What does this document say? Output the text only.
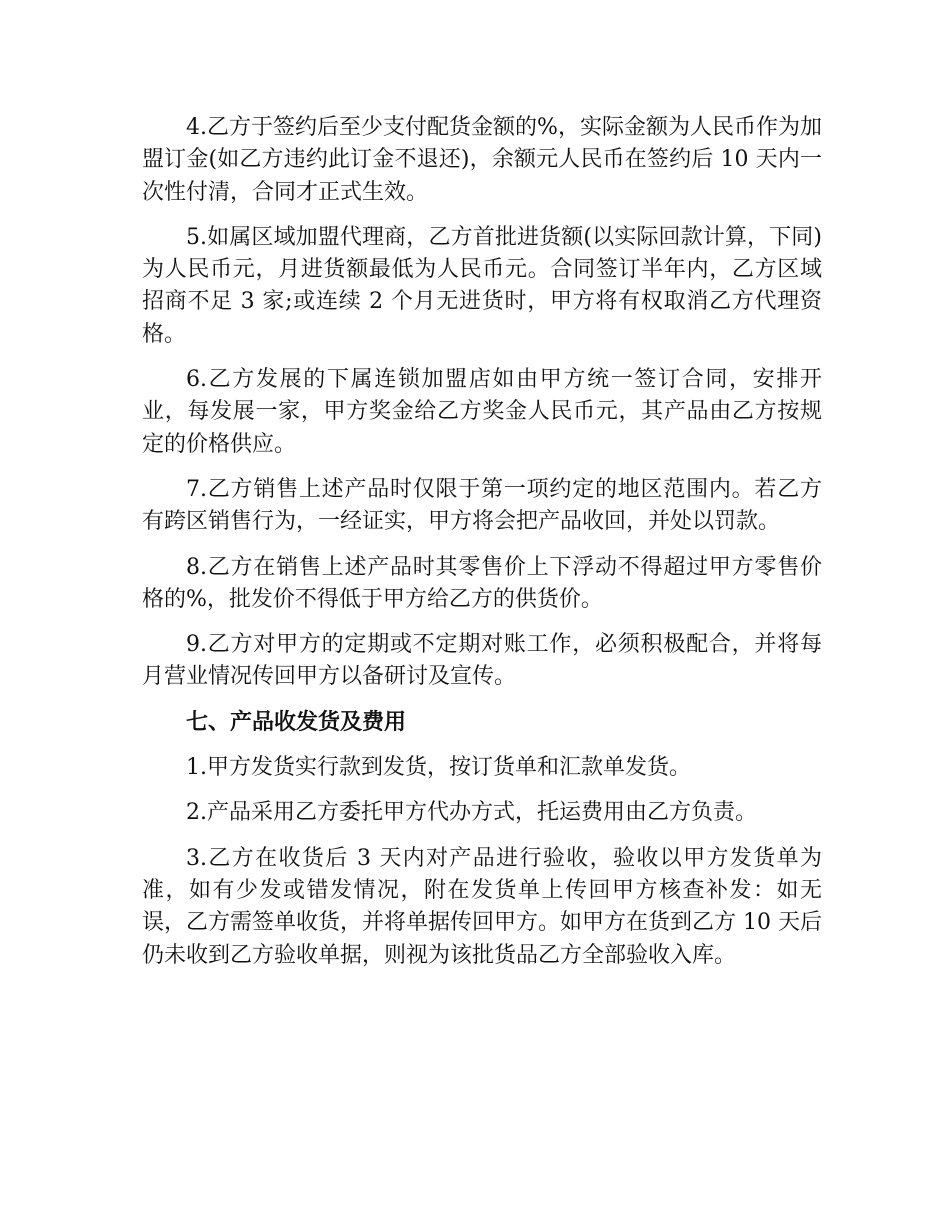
4.乙方于签约后至少支付配货金额的%，实际金额为人民币作为加盟订金(如乙方违约此订金不退还)，余额元人民币在签约后 10 天内一次性付清，合同才正式生效。

5.如属区域加盟代理商，乙方首批进货额(以实际回款计算，下同)为人民币元，月进货额最低为人民币元。合同签订半年内，乙方区域招商不足 3 家;或连续 2 个月无进货时，甲方将有权取消乙方代理资格。

6.乙方发展的下属连锁加盟店如由甲方统一签订合同，安排开业，每发展一家，甲方奖金给乙方奖金人民币元，其产品由乙方按规定的价格供应。

7.乙方销售上述产品时仅限于第一项约定的地区范围内。若乙方有跨区销售行为，一经证实，甲方将会把产品收回，并处以罚款。

8.乙方在销售上述产品时其零售价上下浮动不得超过甲方零售价格的%，批发价不得低于甲方给乙方的供货价。

9.乙方对甲方的定期或不定期对账工作，必须积极配合，并将每月营业情况传回甲方以备研讨及宣传。

七、产品收发货及费用

1.甲方发货实行款到发货，按订货单和汇款单发货。

2.产品采用乙方委托甲方代办方式，托运费用由乙方负责。

3.乙方在收货后 3 天内对产品进行验收，验收以甲方发货单为准，如有少发或错发情况，附在发货单上传回甲方核查补发：如无误，乙方需签单收货，并将单据传回甲方。如甲方在货到乙方 10 天后仍未收到乙方验收单据，则视为该批货品乙方全部验收入库。
